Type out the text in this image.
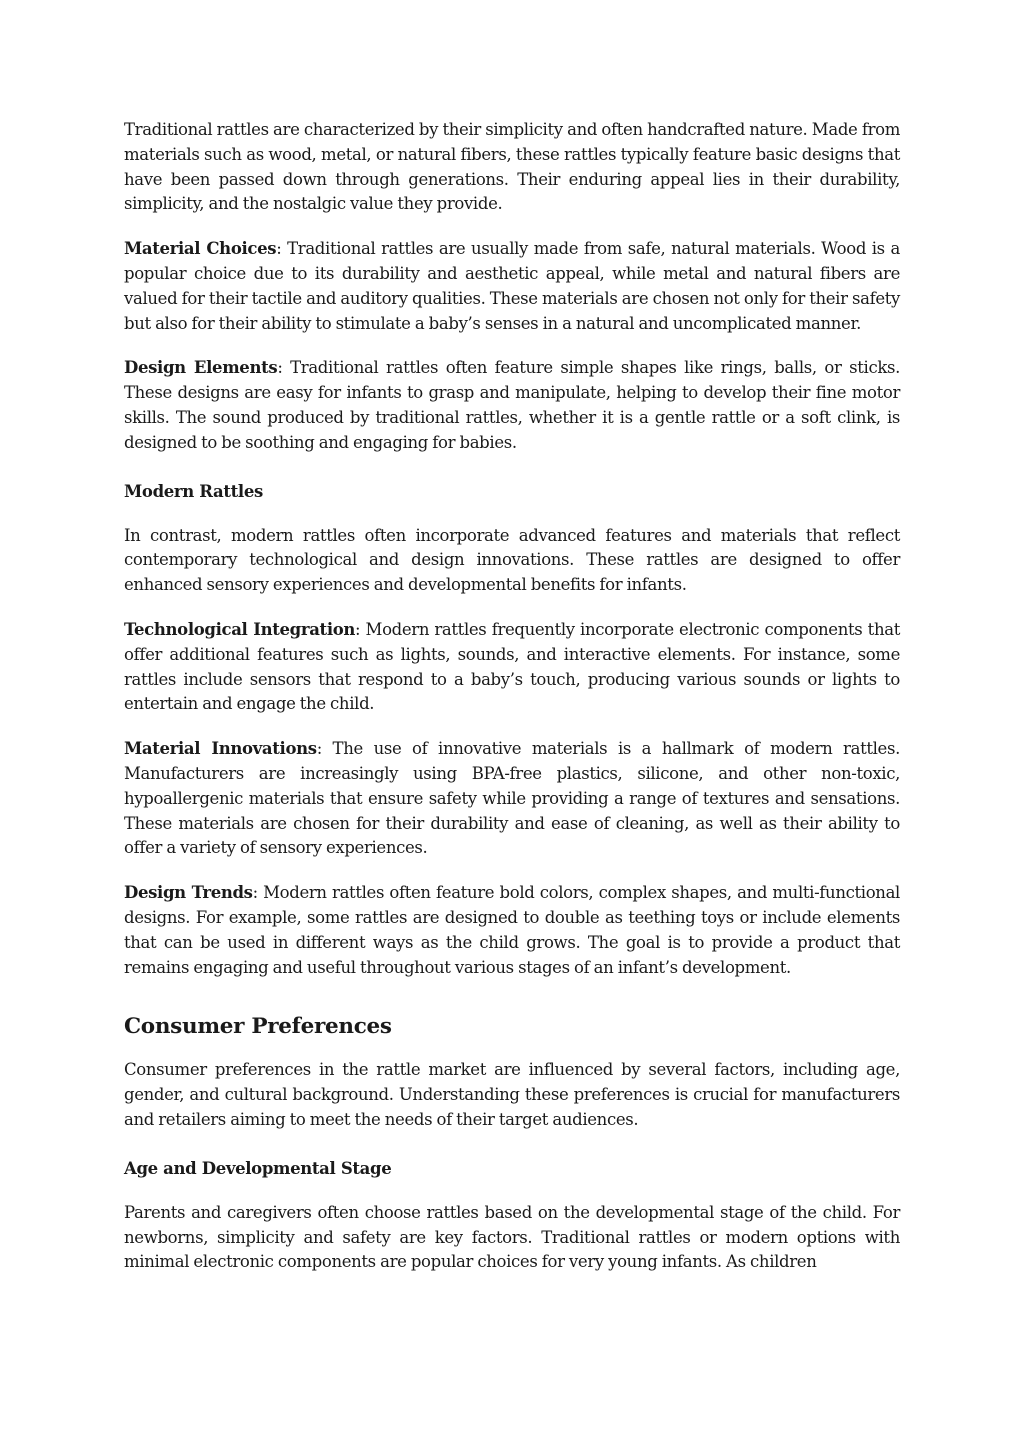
Traditional rattles are characterized by their simplicity and often handcrafted nature. Made from materials such as wood, metal, or natural fibers, these rattles typically feature basic designs that have been passed down through generations. Their enduring appeal lies in their durability, simplicity, and the nostalgic value they provide.

Material Choices: Traditional rattles are usually made from safe, natural materials. Wood is a popular choice due to its durability and aesthetic appeal, while metal and natural fibers are valued for their tactile and auditory qualities. These materials are chosen not only for their safety but also for their ability to stimulate a baby’s senses in a natural and uncomplicated manner.

Design Elements: Traditional rattles often feature simple shapes like rings, balls, or sticks. These designs are easy for infants to grasp and manipulate, helping to develop their fine motor skills. The sound produced by traditional rattles, whether it is a gentle rattle or a soft clink, is designed to be soothing and engaging for babies.

Modern Rattles

In contrast, modern rattles often incorporate advanced features and materials that reflect contemporary technological and design innovations. These rattles are designed to offer enhanced sensory experiences and developmental benefits for infants.

Technological Integration: Modern rattles frequently incorporate electronic components that offer additional features such as lights, sounds, and interactive elements. For instance, some rattles include sensors that respond to a baby’s touch, producing various sounds or lights to entertain and engage the child.

Material Innovations: The use of innovative materials is a hallmark of modern rattles. Manufacturers are increasingly using BPA-free plastics, silicone, and other non-toxic, hypoallergenic materials that ensure safety while providing a range of textures and sensations. These materials are chosen for their durability and ease of cleaning, as well as their ability to offer a variety of sensory experiences.

Design Trends: Modern rattles often feature bold colors, complex shapes, and multi-functional designs. For example, some rattles are designed to double as teething toys or include elements that can be used in different ways as the child grows. The goal is to provide a product that remains engaging and useful throughout various stages of an infant’s development.

Consumer Preferences

Consumer preferences in the rattle market are influenced by several factors, including age, gender, and cultural background. Understanding these preferences is crucial for manufacturers and retailers aiming to meet the needs of their target audiences.

Age and Developmental Stage

Parents and caregivers often choose rattles based on the developmental stage of the child. For newborns, simplicity and safety are key factors. Traditional rattles or modern options with minimal electronic components are popular choices for very young infants. As children
